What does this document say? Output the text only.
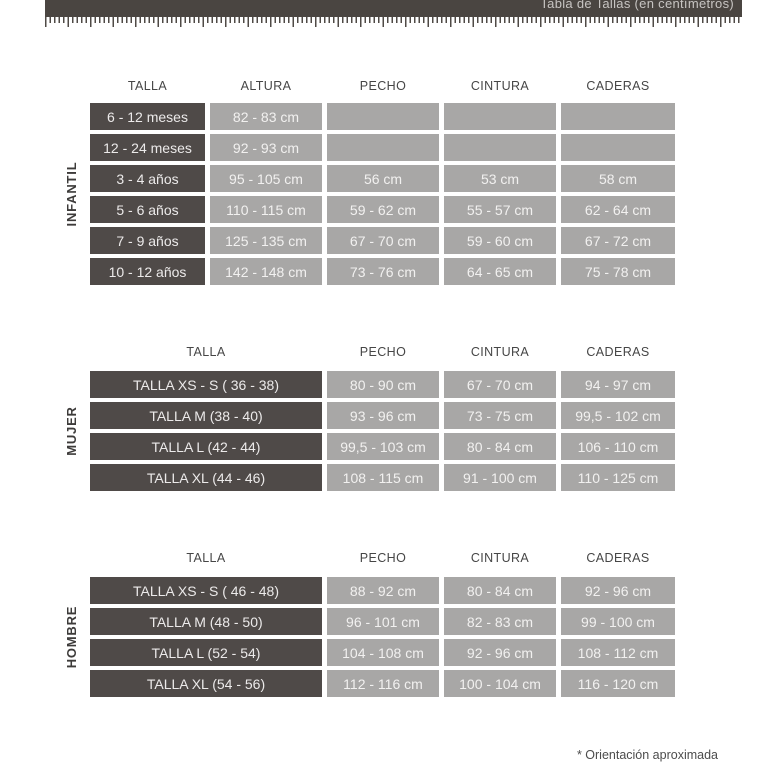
Tabla de Tallas (en centímetros)
INFANTIL
MUJER
HOMBRE
TALLA	ALTURA	PECHO	CINTURA	CADERAS
6 - 12 meses	82 - 83 cm
12 - 24 meses	92 - 93 cm
3 - 4 años	95 - 105 cm	56 cm	53 cm	58 cm
5 - 6 años	110 - 115 cm	59 - 62 cm	55 - 57 cm	62 - 64 cm
7 - 9 años	125 - 135 cm	67 - 70 cm	59 - 60 cm	67 - 72 cm
10 - 12 años	142 - 148 cm	73 - 76 cm	64 - 65 cm	75 - 78 cm
TALLA	PECHO	CINTURA	CADERAS
TALLA XS - S ( 36 - 38)	80 - 90 cm	67 - 70 cm	94 - 97 cm
TALLA M (38 - 40)	93 - 96 cm	73 - 75 cm	99,5 - 102 cm
TALLA L (42 - 44)	99,5 - 103 cm	80 - 84 cm	106 - 110 cm
TALLA XL (44 - 46)	108 - 115 cm	91 - 100 cm	110 - 125 cm
TALLA	PECHO	CINTURA	CADERAS
TALLA XS - S ( 46 - 48)	88 - 92 cm	80 - 84 cm	92 - 96 cm
TALLA M (48 - 50)	96 - 101 cm	82 - 83 cm	99 - 100 cm
TALLA L (52 - 54)	104 - 108 cm	92 - 96 cm	108 - 112 cm
TALLA XL (54 - 56)	112 - 116 cm	100 - 104 cm	116 - 120 cm
* Orientación aproximada
